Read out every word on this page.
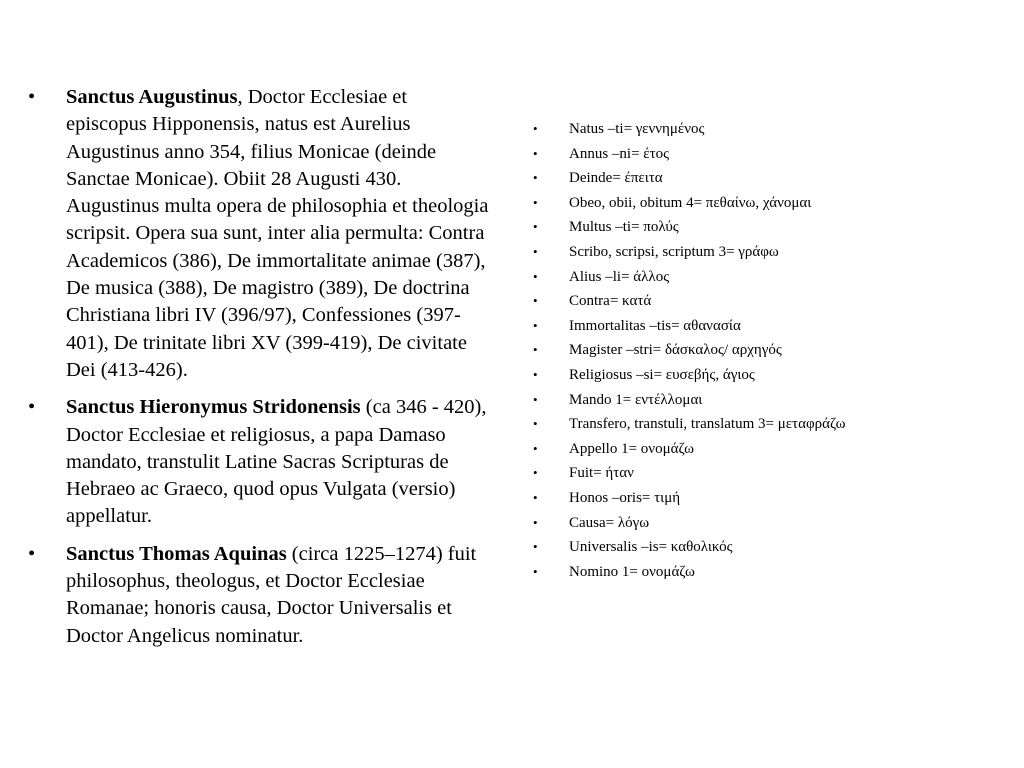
• Sanctus Augustinus, Doctor Ecclesiae et episcopus Hipponensis, natus est Aurelius Augustinus anno 354, filius Monicae (deinde Sanctae Monicae). Obiit 28 Augusti 430. Augustinus multa opera de philosophia et theologia scripsit. Opera sua sunt, inter alia permulta: Contra Academicos (386), De immortalitate animae (387), De musica (388), De magistro (389), De doctrina Christiana libri IV (396/97), Confessiones (397-401), De trinitate libri XV (399-419), De civitate Dei (413-426).
• Sanctus Hieronymus Stridonensis (ca 346 - 420), Doctor Ecclesiae et religiosus, a papa Damaso mandato, transtulit Latine Sacras Scripturas de Hebraeo ac Graeco, quod opus Vulgata (versio) appellatur.
• Sanctus Thomas Aquinas (circa 1225–1274) fuit philosophus, theologus, et Doctor Ecclesiae Romanae; honoris causa, Doctor Universalis et Doctor Angelicus nominatur.
• Natus –ti= γεννημένος
• Annus –ni= έτος
• Deinde= έπειτα
• Obeo, obii, obitum 4= πεθαίνω, χάνομαι
• Multus –ti= πολύς
• Scribo, scripsi, scriptum 3= γράφω
• Alius –li= άλλος
• Contra= κατά
• Immortalitas –tis= αθανασία
• Magister –stri= δάσκαλος/ αρχηγός
• Religiosus –si= ευσεβής, άγιος
• Mando 1= εντέλλομαι
• Transfero, transtuli, translatum 3= μεταφράζω
• Appello 1= ονομάζω
• Fuit= ήταν
• Honos –oris= τιμή
• Causa= λόγω
• Universalis –is= καθολικός
• Nomino 1= ονομάζω
